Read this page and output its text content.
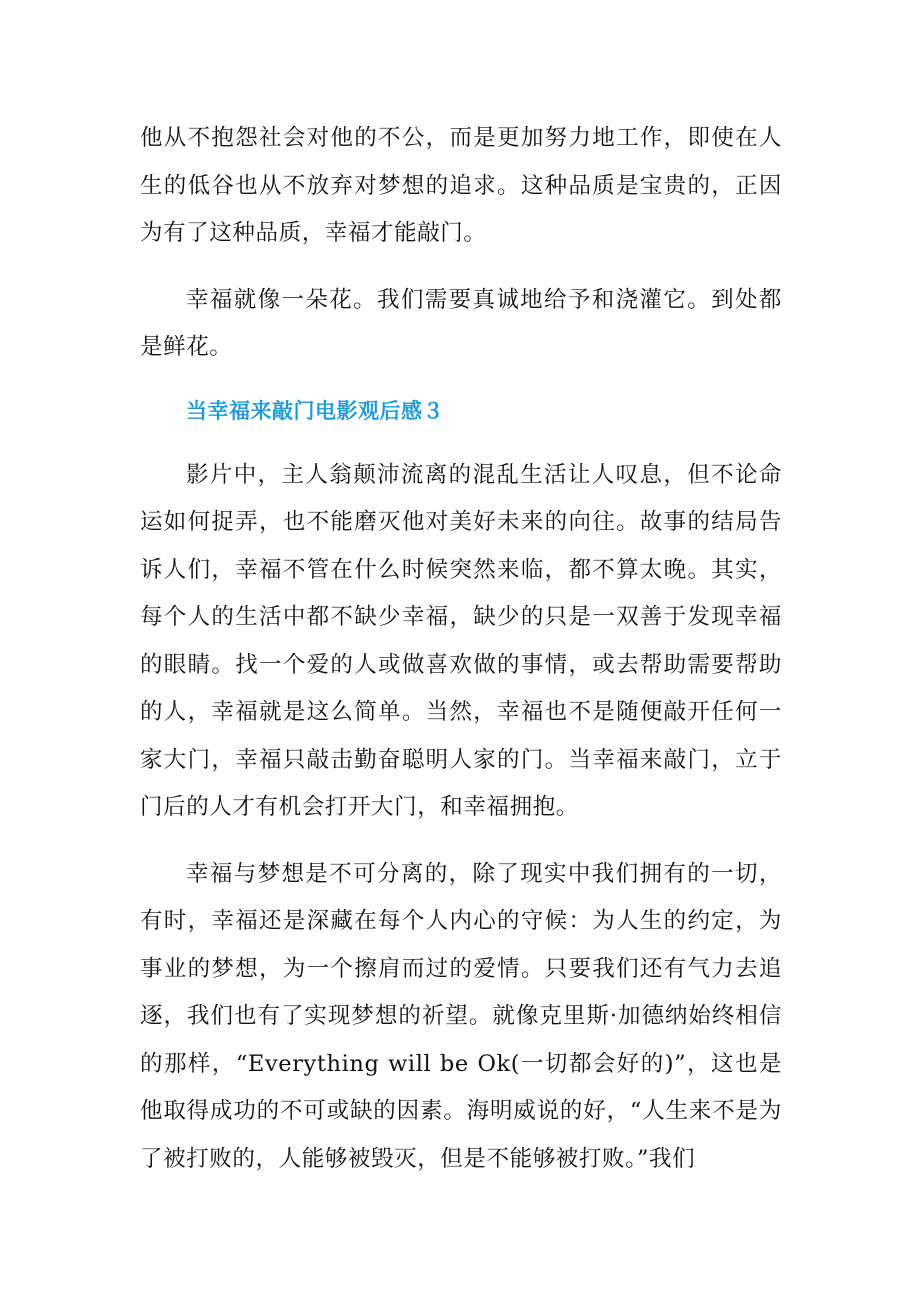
他从不抱怨社会对他的不公，而是更加努力地工作，即使在人生的低谷也从不放弃对梦想的追求。这种品质是宝贵的，正因为有了这种品质，幸福才能敲门。

幸福就像一朵花。我们需要真诚地给予和浇灌它。到处都是鲜花。

当幸福来敲门电影观后感３

影片中，主人翁颠沛流离的混乱生活让人叹息，但不论命运如何捉弄，也不能磨灭他对美好未来的向往。故事的结局告诉人们，幸福不管在什么时候突然来临，都不算太晚。其实，每个人的生活中都不缺少幸福，缺少的只是一双善于发现幸福的眼睛。找一个爱的人或做喜欢做的事情，或去帮助需要帮助的人，幸福就是这么简单。当然，幸福也不是随便敲开任何一家大门，幸福只敲击勤奋聪明人家的门。当幸福来敲门，立于门后的人才有机会打开大门，和幸福拥抱。

幸福与梦想是不可分离的，除了现实中我们拥有的一切，有时，幸福还是深藏在每个人内心的守候：为人生的约定，为事业的梦想，为一个擦肩而过的爱情。只要我们还有气力去追逐，我们也有了实现梦想的祈望。就像克里斯·加德纳始终相信的那样，“Everything will be Ok(一切都会好的)”，这也是他取得成功的不可或缺的因素。海明威说的好，“人生来不是为了被打败的，人能够被毁灭，但是不能够被打败。”我们
